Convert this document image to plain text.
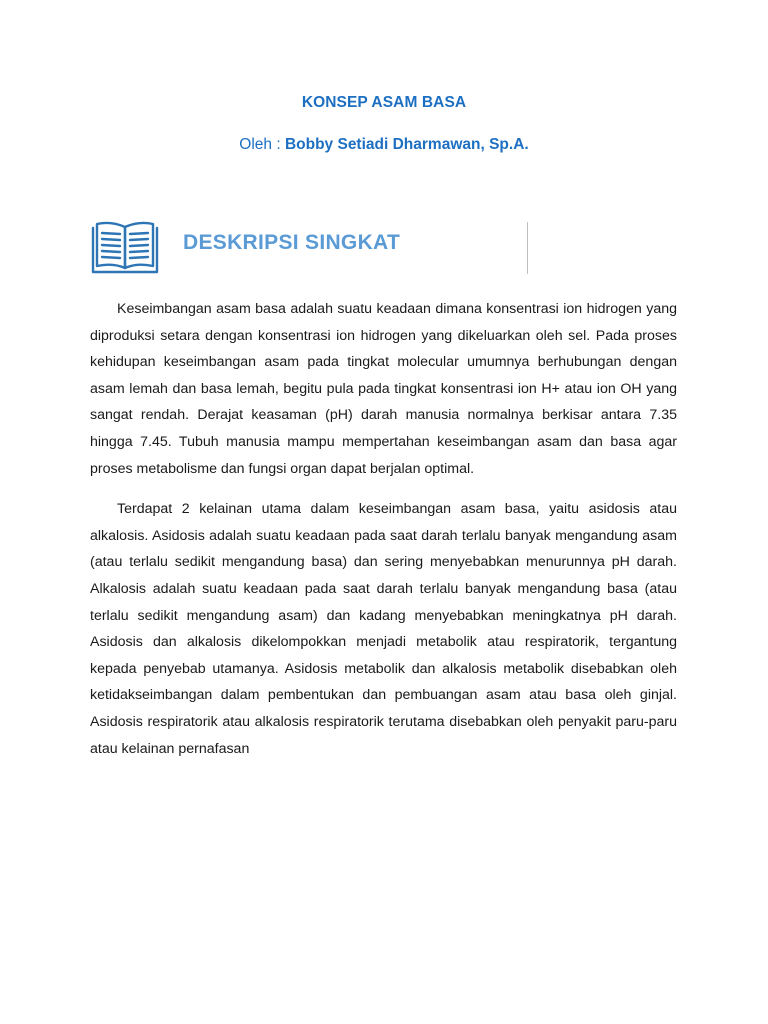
KONSEP ASAM BASA

Oleh : Bobby Setiadi Dharmawan, Sp.A.

DESKRIPSI SINGKAT

Keseimbangan asam basa adalah suatu keadaan dimana konsentrasi ion hidrogen yang diproduksi setara dengan konsentrasi ion hidrogen yang dikeluarkan oleh sel. Pada proses kehidupan keseimbangan asam pada tingkat molecular umumnya berhubungan dengan asam lemah dan basa lemah, begitu pula pada tingkat konsentrasi ion H+ atau ion OH yang sangat rendah. Derajat keasaman (pH) darah manusia normalnya berkisar antara 7.35 hingga 7.45. Tubuh manusia mampu mempertahan keseimbangan asam dan basa agar proses metabolisme dan fungsi organ dapat berjalan optimal.

Terdapat 2 kelainan utama dalam keseimbangan asam basa, yaitu asidosis atau alkalosis. Asidosis adalah suatu keadaan pada saat darah terlalu banyak mengandung asam (atau terlalu sedikit mengandung basa) dan sering menyebabkan menurunnya pH darah. Alkalosis adalah suatu keadaan pada saat darah terlalu banyak mengandung basa (atau terlalu sedikit mengandung asam) dan kadang menyebabkan meningkatnya pH darah. Asidosis dan alkalosis dikelompokkan menjadi metabolik atau respiratorik, tergantung kepada penyebab utamanya. Asidosis metabolik dan alkalosis metabolik disebabkan oleh ketidakseimbangan dalam pembentukan dan pembuangan asam atau basa oleh ginjal. Asidosis respiratorik atau alkalosis respiratorik terutama disebabkan oleh penyakit paru-paru atau kelainan pernafasan
